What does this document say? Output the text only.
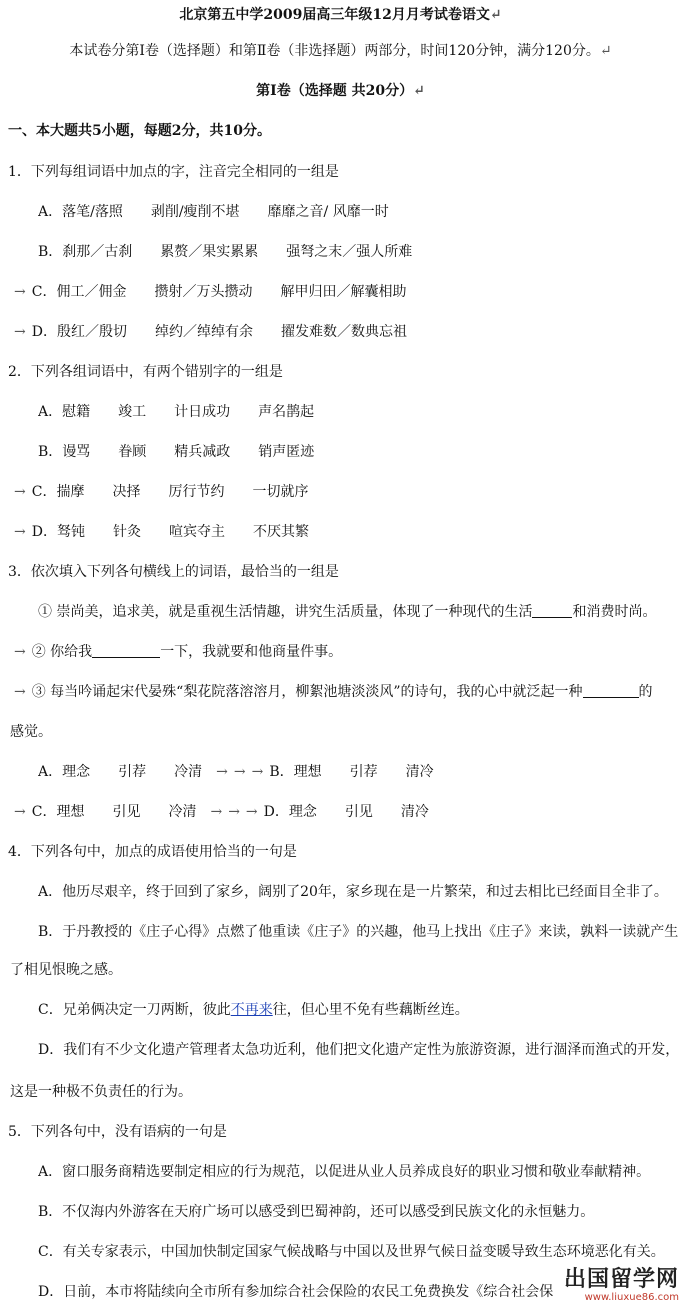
北京第五中学2009届高三年级12月月考试卷语文↵
本试卷分第Ⅰ卷（选择题）和第Ⅱ卷（非选择题）两部分，时间120分钟，满分120分。↵
第Ⅰ卷（选择题 共20分）↵
一、本大题共5小题，每题2分，共10分。
1．下列每组词语中加点的字，注音完全相同的一组是
A．落笔/落照　　剥削/瘦削不堪　　靡靡之音/ 风靡一时
B．刹那／古刹　　累赘／果实累累　　强弩之末／强人所难
→ C．佣工／佣金　　攒射／万头攒动　　解甲归田／解囊相助
→ D．殷红／殷切　　绰约／绰绰有余　　擢发难数／数典忘祖
2．下列各组词语中，有两个错别字的一组是
A．慰籍　　竣工　　计日成功　　声名鹊起
B．谩骂　　眷顾　　精兵减政　　销声匿迹
→ C．揣摩　　决择　　厉行节约　　一切就序
→ D．驽钝　　针灸　　喧宾夺主　　不厌其繁
3．依次填入下列各句横线上的词语，最恰当的一组是
① 崇尚美，追求美，就是重视生活情趣，讲究生活质量，体现了一种现代的生活	和消费时尚。
→ ② 你给我	一下，我就要和他商量件事。
→ ③ 每当吟诵起宋代晏殊“梨花院落溶溶月，柳絮池塘淡淡风”的诗句，我的心中就泛起一种	的
感觉。
A．理念　　引荐　　冷清 → → → B．理想　　引荐　　清冷
→ C．理想　　引见　　冷清 → → → D．理念　　引见　　清冷
4．下列各句中，加点的成语使用恰当的一句是
A．他历尽艰辛，终于回到了家乡，阔别了20年，家乡现在是一片繁荣，和过去相比已经面目全非了。
B．于丹教授的《庄子心得》点燃了他重读《庄子》的兴趣，他马上找出《庄子》来读，孰料一读就产生
了相见恨晚之感。
C．兄弟俩决定一刀两断，彼此不再来往，但心里不免有些藕断丝连。
D．我们有不少文化遗产管理者太急功近利，他们把文化遗产定性为旅游资源，进行涸泽而渔式的开发，
这是一种极不负责任的行为。
5．下列各句中，没有语病的一句是
A．窗口服务商精选要制定相应的行为规范，以促进从业人员养成良好的职业习惯和敬业奉献精神。
B．不仅海内外游客在天府广场可以感受到巴蜀神韵，还可以感受到民族文化的永恒魅力。
C．有关专家表示，中国加快制定国家气候战略与中国以及世界气候日益变暖导致生态环境恶化有关。
D．日前，本市将陆续向全市所有参加综合社会保险的农民工免费换发《综合社会保 出国留学网
www.liuxue86.com
